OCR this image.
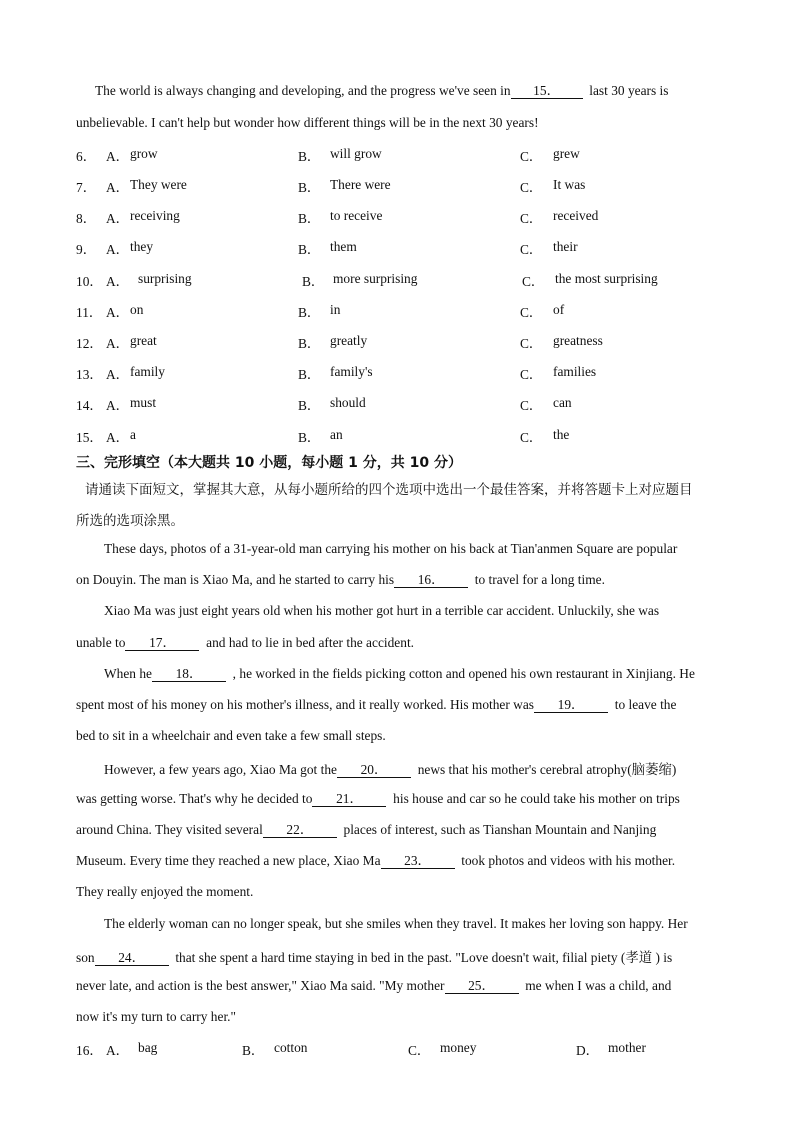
The world is always changing and developing, and the progress we've seen in 15． last 30 years is
unbelievable. I can't help but wonder how different things will be in the next 30 years!
6． A． grow	B． will grow	C． grew
7． A． They were	B． There were	C． It was
8． A． receiving	B． to receive	C． received
9． A． they	B． them	C． their
10． A． surprising	B． more surprising	C． the most surprising
11． A． on	B． in	C． of
12． A． great	B． greatly	C． greatness
13． A． family	B． family's	C． families
14． A． must	B． should	C． can
15． A． a	B． an	C． the
三、完形填空（本大题共 10 小题，每小题 1 分，共 10 分）
请通读下面短文，掌握其大意，从每小题所给的四个选项中选出一个最佳答案，并将答题卡上对应题目
所选的选项涂黑。
These days, photos of a 31-year-old man carrying his mother on his back at Tian'anmen Square are popular
on Douyin. The man is Xiao Ma, and he started to carry his 16． to travel for a long time.
Xiao Ma was just eight years old when his mother got hurt in a terrible car accident. Unluckily, she was
unable to 17． and had to lie in bed after the accident.
When he 18． , he worked in the fields picking cotton and opened his own restaurant in Xinjiang. He
spent most of his money on his mother's illness, and it really worked. His mother was 19． to leave the
bed to sit in a wheelchair and even take a few small steps.
However, a few years ago, Xiao Ma got the 20． news that his mother's cerebral atrophy(脑萎缩)
was getting worse. That's why he decided to 21． his house and car so he could take his mother on trips
around China. They visited several 22． places of interest, such as Tianshan Mountain and Nanjing
Museum. Every time they reached a new place, Xiao Ma 23． took photos and videos with his mother.
They really enjoyed the moment.
The elderly woman can no longer speak, but she smiles when they travel. It makes her loving son happy. Her
son 24． that she spent a hard time staying in bed in the past. "Love doesn't wait, filial piety (孝道 ) is
never late, and action is the best answer," Xiao Ma said. "My mother 25． me when I was a child, and
now it's my turn to carry her."
16． A． bag	B． cotton	C． money	D． mother
